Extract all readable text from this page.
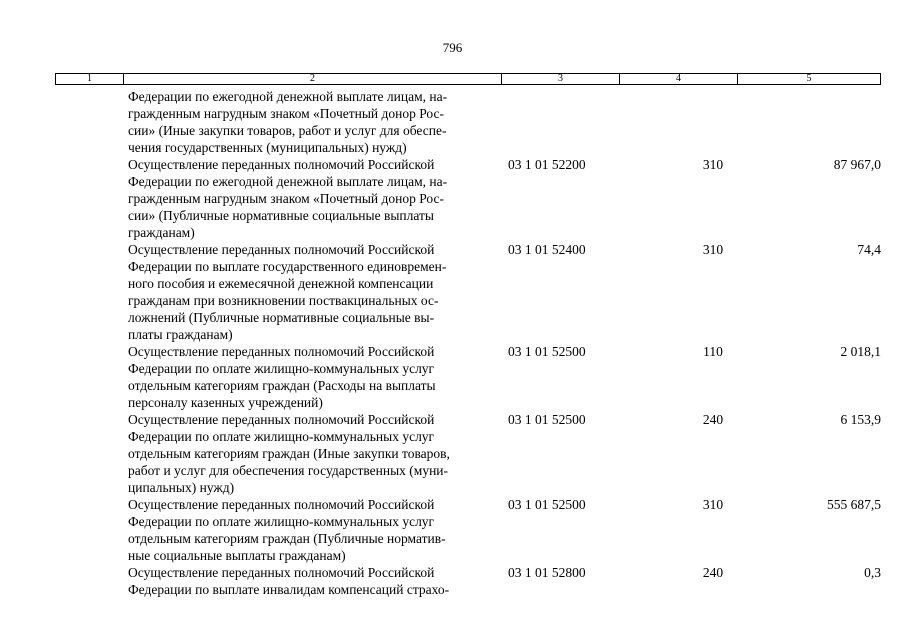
796
1	2	3	4	5
Федерации по ежегодной денежной выплате лицам, на-
гражденным нагрудным знаком «Почетный донор Рос-
сии» (Иные закупки товаров, работ и услуг для обеспе-
чения государственных (муниципальных) нужд)
Осуществление переданных полномочий Российской
Федерации по ежегодной денежной выплате лицам, на-
гражденным нагрудным знаком «Почетный донор Рос-
сии» (Публичные нормативные социальные выплаты
гражданам)
03 1 01 52200	310	87 967,0
Осуществление переданных полномочий Российской
Федерации по выплате государственного единовремен-
ного пособия и ежемесячной денежной компенсации
гражданам при возникновении поствакцинальных ос-
ложнений (Публичные нормативные социальные вы-
платы гражданам)
03 1 01 52400	310	74,4
Осуществление переданных полномочий Российской
Федерации по оплате жилищно-коммунальных услуг
отдельным категориям граждан (Расходы на выплаты
персоналу казенных учреждений)
03 1 01 52500	110	2 018,1
Осуществление переданных полномочий Российской
Федерации по оплате жилищно-коммунальных услуг
отдельным категориям граждан (Иные закупки товаров,
работ и услуг для обеспечения государственных (муни-
ципальных) нужд)
03 1 01 52500	240	6 153,9
Осуществление переданных полномочий Российской
Федерации по оплате жилищно-коммунальных услуг
отдельным категориям граждан (Публичные норматив-
ные социальные выплаты гражданам)
03 1 01 52500	310	555 687,5
Осуществление переданных полномочий Российской
Федерации по выплате инвалидам компенсаций страхо-
03 1 01 52800	240	0,3
